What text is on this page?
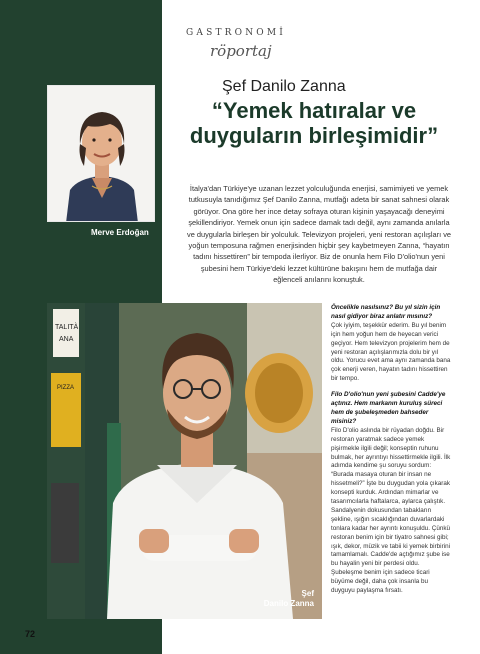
GASTRONOMİ
röportaj
Merve Erdoğan
Şef Danilo Zanna
“Yemek hatıralar ve duyguların birleşimidir”
İtalya'dan Türkiye'ye uzanan lezzet yolculuğunda enerjisi, samimiyeti ve yemek tutkusuyla tanıdığımız Şef Danilo Zanna, mutfağı adeta bir sanat sahnesi olarak görüyor. Ona göre her ince detay sofraya oturan kişinin yaşayacağı deneyimi şekillendiriyor. Yemek onun için sadece damak tadı değil, aynı zamanda anılarla ve duygularla birleşen bir yolculuk. Televizyon projeleri, yeni restoran açılışları ve yoğun temposuna rağmen enerjisinden hiçbir şey kaybetmeyen Zanna, “hayatın tadını hissettiren” bir tempoda ilerliyor. Biz de onunla hem Filo D'olio'nun yeni şubesini hem Türkiye'deki lezzet kültürüne bakışını hem de mutfağa dair eğlenceli anılarını konuştuk.
TALITÀ
ANA
PIZZA
Şef
Danilo Zanna

Öncelikle nasılsınız? Bu yıl sizin için nasıl gidiyor biraz anlatır mısınız?

Çok iyiyim, teşekkür ederim. Bu yıl benim için hem yoğun hem de heyecan verici geçiyor. Hem televizyon projelerim hem de yeni restoran açılışlarımızla dolu bir yıl oldu. Yorucu evet ama aynı zamanda bana çok enerji veren, hayatın tadını hissettiren bir tempo.

Filo D'olio'nun yeni şubesini Cadde'ye açtınız. Hem markanın kuruluş süreci hem de şubeleşmeden bahseder misiniz?

Filo D'olio aslında bir rüyadan doğdu. Bir restoran yaratmak sadece yemek pişirmekle ilgili değil; konseptin ruhunu bulmak, her ayrıntıyı hissettirmekle ilgili. İlk adımda kendime şu soruyu sordum: “Burada masaya oturan bir insan ne hissetmeli?” İşte bu duygudan yola çıkarak konsepti kurduk. Ardından mimarlar ve tasarımcılarla haftalarca, aylarca çalıştık. Sandalyenin dokusundan tabakların şekline, ışığın sıcaklığından duvarlardaki tonlara kadar her ayrıntı konuşuldu. Çünkü restoran benim için bir tiyatro sahnesi gibi; ışık, dekor, müzik ve tabii ki yemek birbirini tamamlamalı. Cadde'de açtığımız şube ise bu hayalin yeni bir perdesi oldu. Şubeleşme benim için sadece ticari büyüme değil, daha çok insanla bu duyguyu paylaşma fırsatı.

72
